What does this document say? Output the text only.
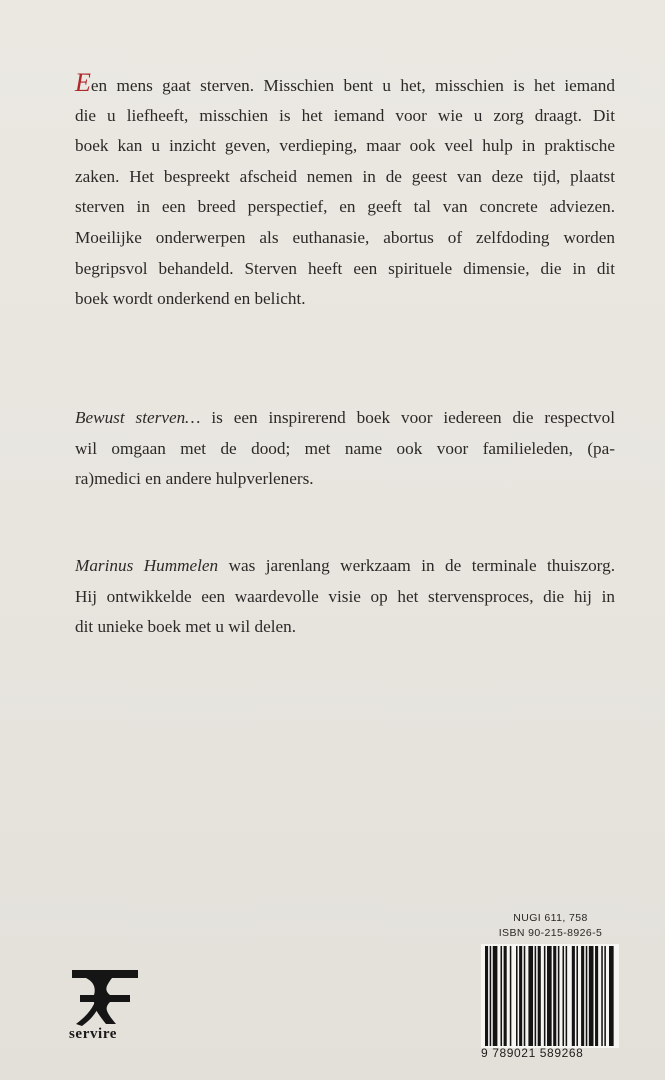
Een mens gaat sterven. Misschien bent u het, misschien is het iemand
die u liefheeft, misschien is het iemand voor wie u zorg draagt. Dit
boek kan u inzicht geven, verdieping, maar ook veel hulp in praktische
zaken. Het bespreekt afscheid nemen in de geest van deze tijd, plaatst
sterven in een breed perspectief, en geeft tal van concrete adviezen.
Moeilijke onderwerpen als euthanasie, abortus of zelfdoding worden
begripsvol behandeld. Sterven heeft een spirituele dimensie, die in dit
boek wordt onderkend en belicht.
Bewust sterven… is een inspirerend boek voor iedereen die respectvol
wil omgaan met de dood; met name ook voor familieleden, (pa-
ra)medici en andere hulpverleners.
Marinus Hummelen was jarenlang werkzaam in de terminale thuiszorg.
Hij ontwikkelde een waardevolle visie op het stervensproces, die hij in
dit unieke boek met u wil delen.
NUGI 611, 758
ISBN 90-215-8926-5
9 789021 589268
servire
